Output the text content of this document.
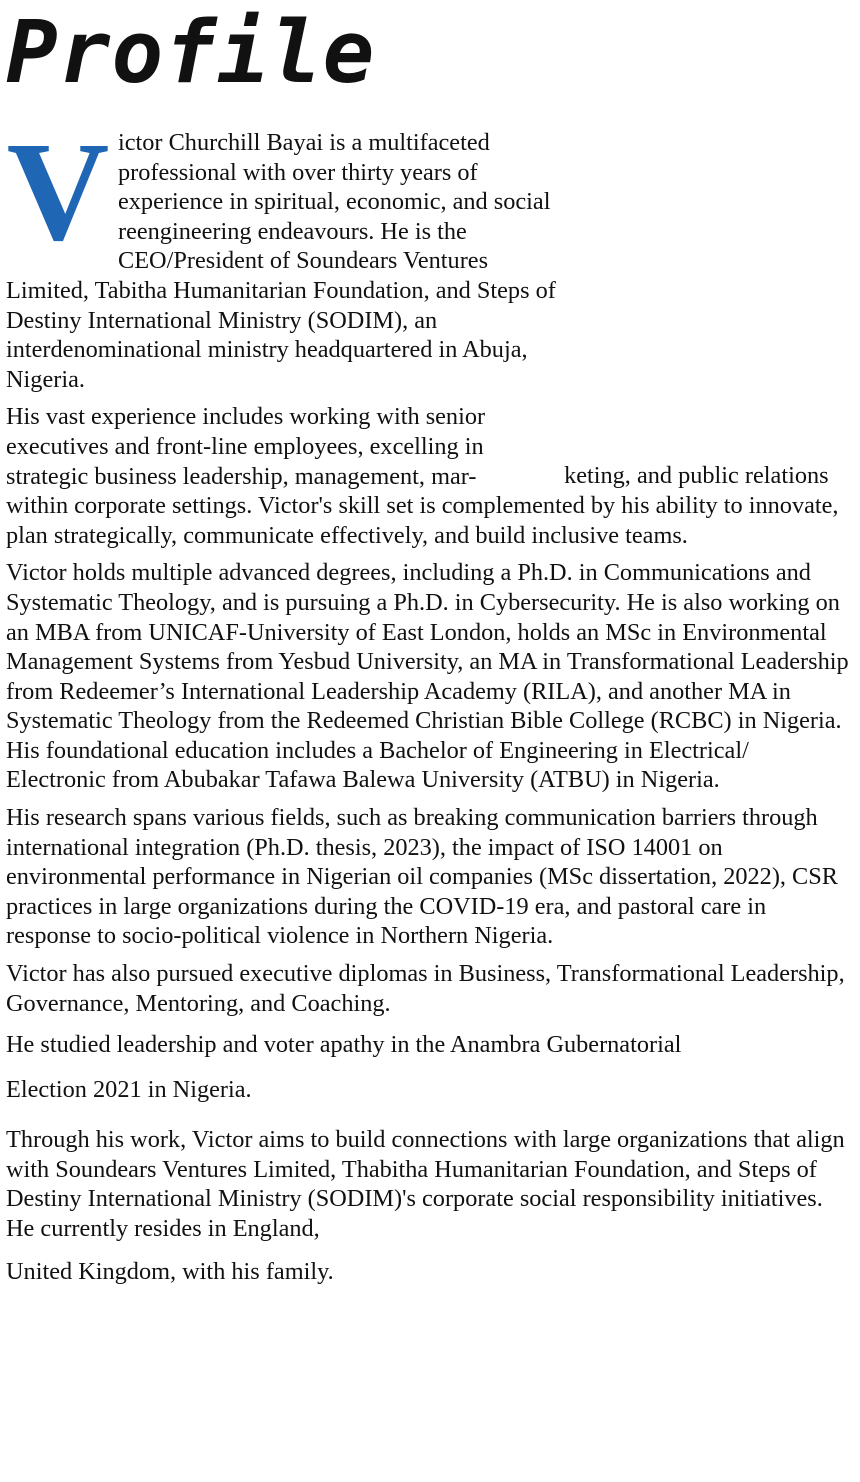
Profile

Victor Churchill Bayai is a multifaceted professional with over thirty years of experience in spiritual, economic, and social reengineering endeavours. He is the CEO/President of Soundears Ventures Limited, Tabitha Humanitarian Foundation, and Steps of Destiny International Ministry (SODIM), an interdenominational ministry headquartered in Abuja, Nigeria.

His vast experience includes working with senior executives and front-line employees, excelling in strategic business leadership, management, mar-	keting, and public relations within corporate settings. Victor's skill set is complemented by his ability to innovate, plan strategically, communicate effectively, and build inclusive teams.

Victor holds multiple advanced degrees, including a Ph.D. in Communications and Systematic Theology, and is pursuing a Ph.D. in Cybersecurity. He is also working on an MBA from UNICAF-University of East London, holds an MSc in Environmental Management Systems from Yesbud University, an MA in Transformational Leadership from Redeemer’s International Leadership Academy (RILA), and another MA in Systematic Theology from the Redeemed Christian Bible College (RCBC) in Nigeria. His foundational education includes a Bachelor of Engineering in Electrical/ Electronic from Abubakar Tafawa Balewa University (ATBU) in Nigeria.

His research spans various fields, such as breaking communication barriers through international integration (Ph.D. thesis, 2023), the impact of ISO 14001 on environmental performance in Nigerian oil companies (MSc dissertation, 2022), CSR practices in large organizations during the COVID-19 era, and pastoral care in response to socio-political violence in Northern Nigeria.

Victor has also pursued executive diplomas in Business, Transformational Leadership, Governance, Mentoring, and Coaching.

He studied leadership and voter apathy in the Anambra Gubernatorial
Election 2021 in Nigeria.

Through his work, Victor aims to build connections with large organizations that align with Soundears Ventures Limited, Thabitha Humanitarian Foundation, and Steps of Destiny International Ministry (SODIM)'s corporate social responsibility initiatives. He currently resides in England,
United Kingdom, with his family.
